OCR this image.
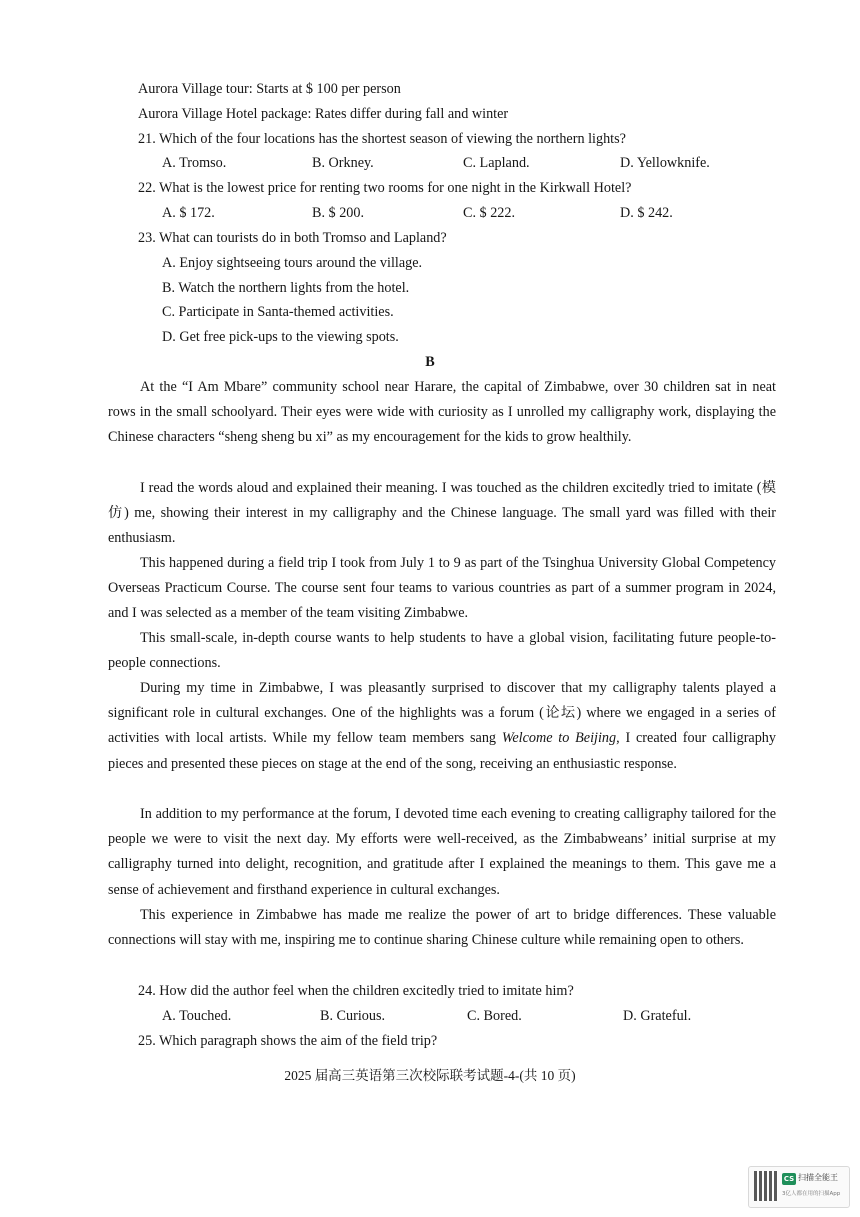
Aurora Village tour: Starts at $ 100 per person
Aurora Village Hotel package: Rates differ during fall and winter
21. Which of the four locations has the shortest season of viewing the northern lights?
A. Tromso.	B. Orkney.	C. Lapland.	D. Yellowknife.
22. What is the lowest price for renting two rooms for one night in the Kirkwall Hotel?
A. $ 172.	B. $ 200.	C. $ 222.	D. $ 242.
23. What can tourists do in both Tromso and Lapland?
A. Enjoy sightseeing tours around the village.
B. Watch the northern lights from the hotel.
C. Participate in Santa-themed activities.
D. Get free pick-ups to the viewing spots.
B

At the “I Am Mbare” community school near Harare, the capital of Zimbabwe, over 30 children sat in neat rows in the small schoolyard. Their eyes were wide with curiosity as I unrolled my calligraphy work, displaying the Chinese characters “sheng sheng bu xi” as my encouragement for the kids to grow healthily.

I read the words aloud and explained their meaning. I was touched as the children excitedly tried to imitate (模仿) me, showing their interest in my calligraphy and the Chinese language. The small yard was filled with their enthusiasm.

This happened during a field trip I took from July 1 to 9 as part of the Tsinghua University Global Competency Overseas Practicum Course. The course sent four teams to various countries as part of a summer program in 2024, and I was selected as a member of the team visiting Zimbabwe.

This small-scale, in-depth course wants to help students to have a global vision, facilitating future people-to-people connections.

During my time in Zimbabwe, I was pleasantly surprised to discover that my calligraphy talents played a significant role in cultural exchanges. One of the highlights was a forum (论坛) where we engaged in a series of activities with local artists. While my fellow team members sang Welcome to Beijing, I created four calligraphy pieces and presented these pieces on stage at the end of the song, receiving an enthusiastic response.

In addition to my performance at the forum, I devoted time each evening to creating calligraphy tailored for the people we were to visit the next day. My efforts were well-received, as the Zimbabweans’ initial surprise at my calligraphy turned into delight, recognition, and gratitude after I explained the meanings to them. This gave me a sense of achievement and firsthand experience in cultural exchanges.

This experience in Zimbabwe has made me realize the power of art to bridge differences. These valuable connections will stay with me, inspiring me to continue sharing Chinese culture while remaining open to others.

24. How did the author feel when the children excitedly tried to imitate him?
A. Touched.	B. Curious.	C. Bored.	D. Grateful.
25. Which paragraph shows the aim of the field trip?
2025 届高三英语第三次校际联考试题-4-(共 10 页)
CS 扫描全能王
3亿人都在用的扫描App
